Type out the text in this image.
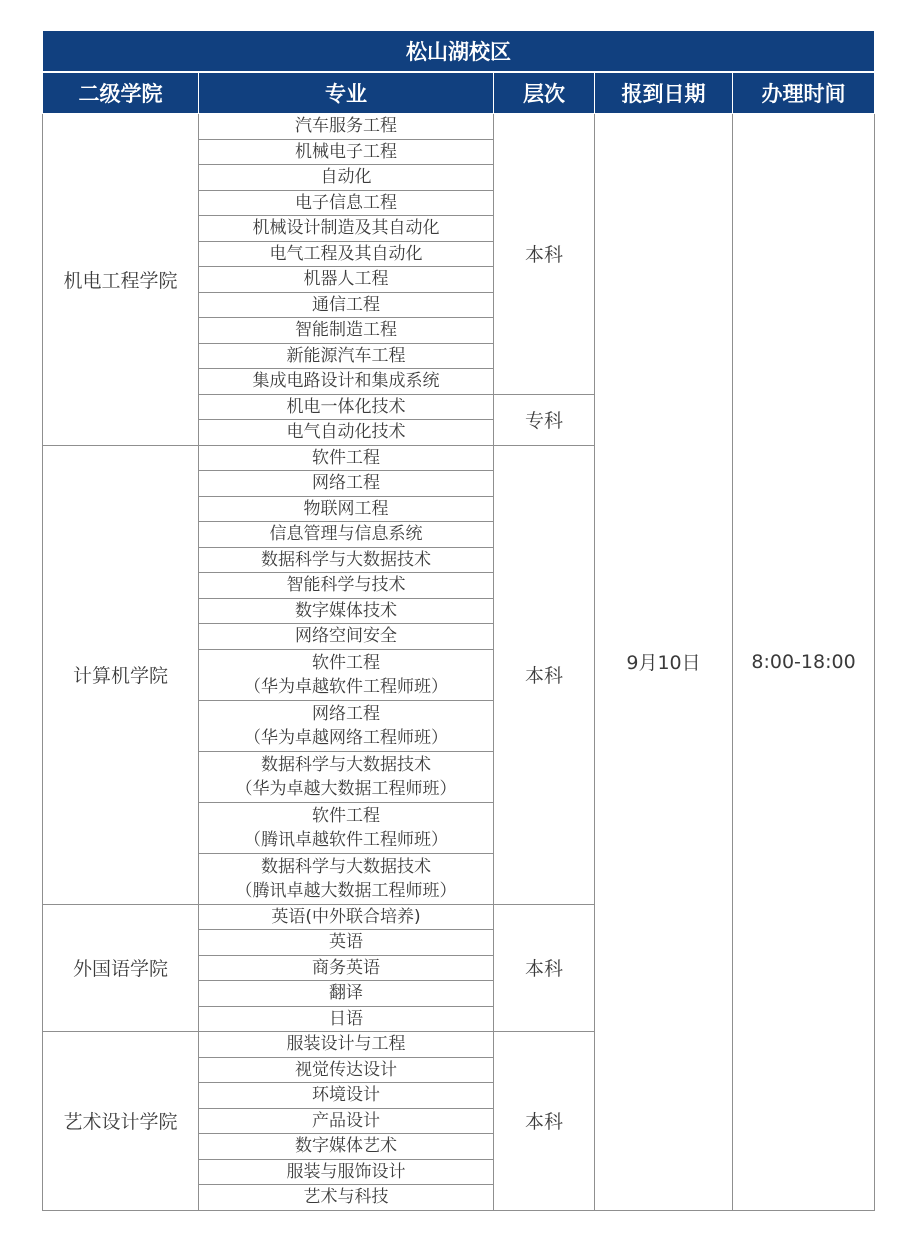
松山湖校区				
二级学院	专业	层次	报到日期	办理时间
机电工程学院	汽车服务工程	本科	9月10日	8:00-18:00

	机械电子工程			

	自动化			

	电子信息工程			

	机械设计制造及其自动化			

	电气工程及其自动化			

	机器人工程			

	通信工程			

	智能制造工程			

	新能源汽车工程			

	集成电路设计和集成系统			

	机电一体化技术	专科		

	电气自动化技术			

计算机学院	软件工程	本科		

	网络工程			

	物联网工程			

	信息管理与信息系统			

	数据科学与大数据技术			

	智能科学与技术			

	数字媒体技术			

	网络空间安全			

	软件工程
（华为卓越软件工程师班）			

	网络工程
（华为卓越网络工程师班）			

	数据科学与大数据技术
（华为卓越大数据工程师班）			

	软件工程
（腾讯卓越软件工程师班）			

	数据科学与大数据技术
（腾讯卓越大数据工程师班）			

外国语学院	英语(中外联合培养)	本科		

	英语			

	商务英语			

	翻译			

	日语			

艺术设计学院	服装设计与工程	本科		

	视觉传达设计			

	环境设计			

	产品设计			

	数字媒体艺术			

	服装与服饰设计			

	艺术与科技			
